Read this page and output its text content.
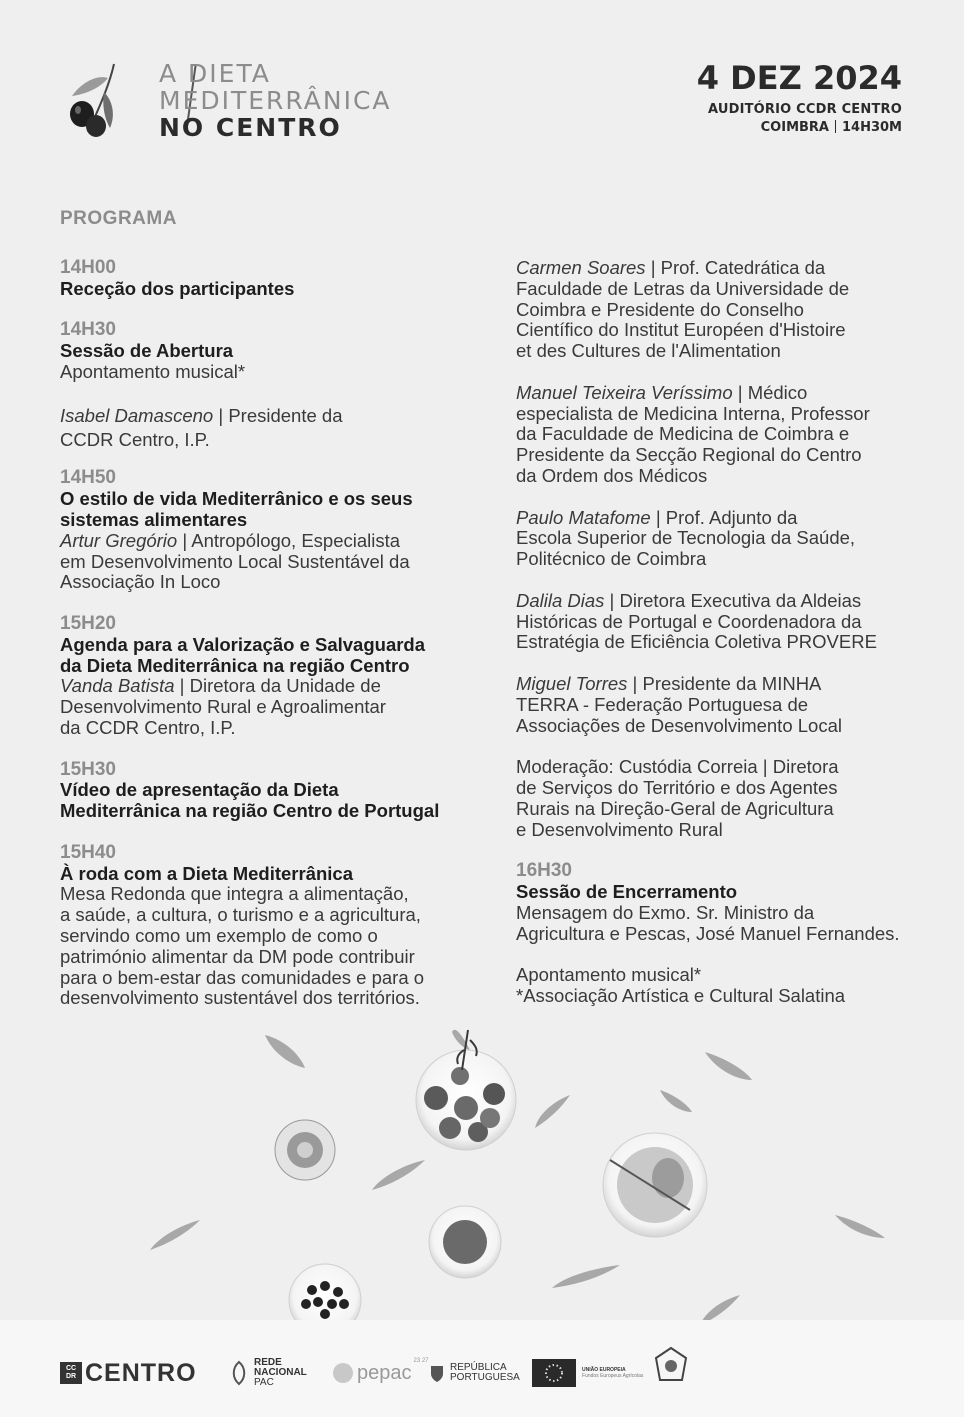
A DIETA
MEDITERRÂNICA
NO CENTRO
4 DEZ 2024
AUDITÓRIO CCDR CENTRO
COIMBRA 14H30M
PROGRAMA
14H00
Receção dos participantes
14H30
Sessão de Abertura
Apontamento musical*
Isabel Damasceno | Presidente da
CCDR Centro, I.P.
14H50
O estilo de vida Mediterrânico e os seus
sistemas alimentares
Artur Gregório | Antropólogo, Especialista
em Desenvolvimento Local Sustentável da
Associação In Loco
15H20
Agenda para a Valorização e Salvaguarda
da Dieta Mediterrânica na região Centro
Vanda Batista | Diretora da Unidade de
Desenvolvimento Rural e Agroalimentar
da CCDR Centro, I.P.
15H30
Vídeo de apresentação da Dieta
Mediterrânica na região Centro de Portugal
15H40
À roda com a Dieta Mediterrânica
Mesa Redonda que integra a alimentação,
a saúde, a cultura, o turismo e a agricultura,
servindo como um exemplo de como o
património alimentar da DM pode contribuir
para o bem-estar das comunidades e para o
desenvolvimento sustentável dos territórios.
Carmen Soares | Prof. Catedrática da
Faculdade de Letras da Universidade de
Coimbra e Presidente do Conselho
Científico do Institut Européen d'Histoire
et des Cultures de l'Alimentation
Manuel Teixeira Veríssimo | Médico
especialista de Medicina Interna, Professor
da Faculdade de Medicina de Coimbra e
Presidente da Secção Regional do Centro
da Ordem dos Médicos
Paulo Matafome | Prof. Adjunto da
Escola Superior de Tecnologia da Saúde,
Politécnico de Coimbra
Dalila Dias | Diretora Executiva da Aldeias
Históricas de Portugal e Coordenadora da
Estratégia de Eficiência Coletiva PROVERE
Miguel Torres | Presidente da MINHA
TERRA - Federação Portuguesa de
Associações de Desenvolvimento Local
Moderação: Custódia Correia | Diretora
de Serviços do Território e dos Agentes
Rurais na Direção-Geral de Agricultura
e Desenvolvimento Rural
16H30
Sessão de Encerramento
Mensagem do Exmo. Sr. Ministro da
Agricultura e Pescas, José Manuel Fernandes.
Apontamento musical*
*Associação Artística e Cultural Salatina
CC DR CENTRO	REDE
NACIONAL
PAC	pepac
23 27
REPÚBLICA
PORTUGUESA
UNIÃO EUROPEIA
Fundos Europeus Agrícolas
